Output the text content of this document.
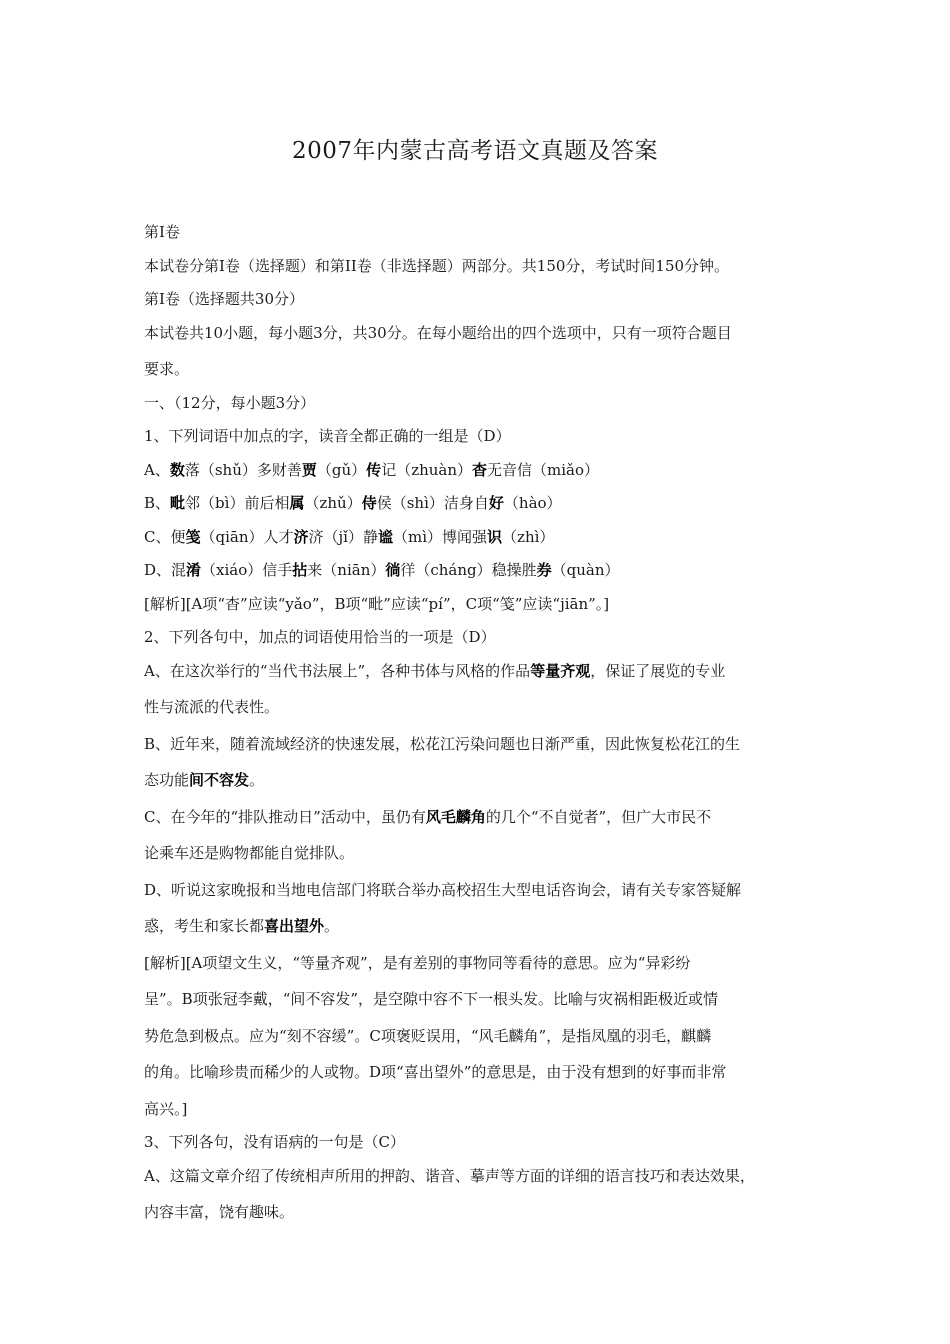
2007年内蒙古高考语文真题及答案
第Ⅰ卷
本试卷分第Ⅰ卷（选择题）和第II卷（非选择题）两部分。共150分，考试时间150分钟。
第Ⅰ卷（选择题共30分）
本试卷共10小题，每小题3分，共30分。在每小题给出的四个选项中，只有一项符合题目
要求。
一、（12分，每小题3分）
1、下列词语中加点的字，读音全都正确的一组是（D）
A、数落（shǔ）多财善贾（gǔ）传记（zhuàn）杳无音信（miǎo）
B、毗邻（bì）前后相属（zhǔ）侍侯（shì）洁身自好（hào）
C、便笺（qiān）人才济济（jǐ）静谧（mì）博闻强识（zhì）
D、混淆（xiáo）信手拈来（niān）徜徉（cháng）稳操胜券（quàn）
[解析][A项“杳”应读“yǎo”，B项“毗”应读“pí”，C项“笺”应读“jiān”。]
2、下列各句中，加点的词语使用恰当的一项是（D）
A、在这次举行的“当代书法展上”，各种书体与风格的作品等量齐观，保证了展览的专业
性与流派的代表性。
B、近年来，随着流域经济的快速发展，松花江污染问题也日渐严重，因此恢复松花江的生
态功能间不容发。
C、在今年的“排队推动日”活动中，虽仍有风毛麟角的几个“不自觉者”，但广大市民不
论乘车还是购物都能自觉排队。
D、听说这家晚报和当地电信部门将联合举办高校招生大型电话咨询会，请有关专家答疑解
惑，考生和家长都喜出望外。
[解析][A项望文生义，“等量齐观”，是有差别的事物同等看待的意思。应为“异彩纷
呈”。B项张冠李戴，“间不容发”，是空隙中容不下一根头发。比喻与灾祸相距极近或情
势危急到极点。应为“刻不容缓”。C项褒贬误用，“风毛麟角”，是指凤凰的羽毛，麒麟
的角。比喻珍贵而稀少的人或物。D项“喜出望外”的意思是，由于没有想到的好事而非常
高兴。]
3、下列各句，没有语病的一句是（C）
A、这篇文章介绍了传统相声所用的押韵、谐音、摹声等方面的详细的语言技巧和表达效果，
内容丰富，饶有趣味。
